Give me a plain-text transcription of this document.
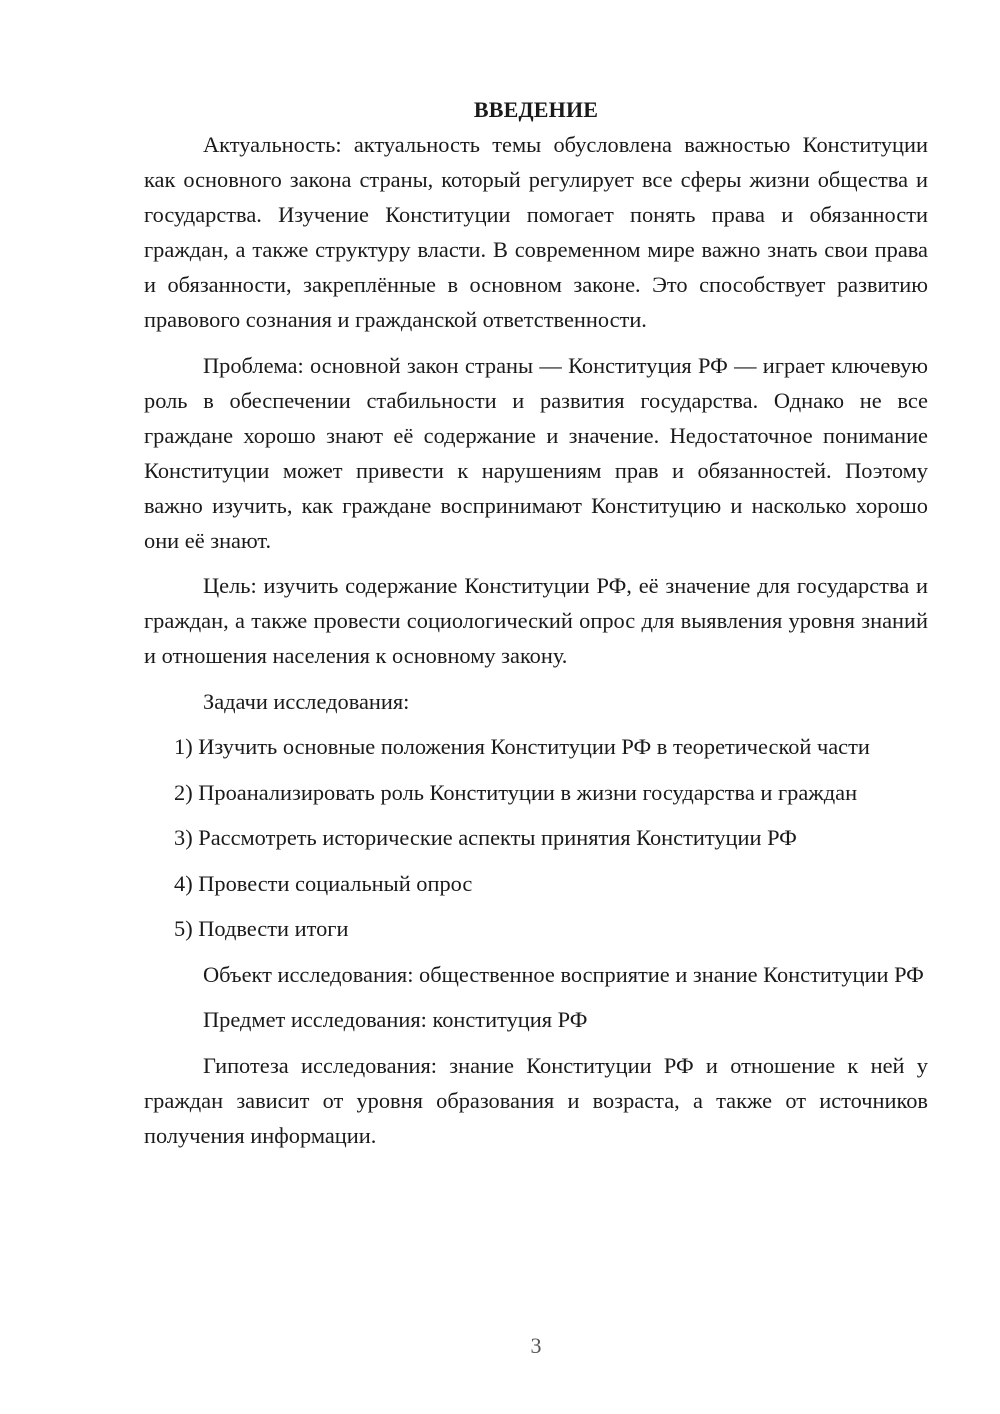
ВВЕДЕНИЕ

Актуальность: актуальность темы обусловлена важностью Конституции как основного закона страны, который регулирует все сферы жизни общества и государства. Изучение Конституции помогает понять права и обязанности граждан, а также структуру власти. В современном мире важно знать свои права и обязанности, закреплённые в основном законе. Это способствует развитию правового сознания и гражданской ответственности.

Проблема: основной закон страны — Конституция РФ — играет ключевую роль в обеспечении стабильности и развития государства. Однако не все граждане хорошо знают её содержание и значение. Недостаточное понимание Конституции может привести к нарушениям прав и обязанностей. Поэтому важно изучить, как граждане воспринимают Конституцию и насколько хорошо они её знают.

Цель: изучить содержание Конституции РФ, её значение для государства и граждан, а также провести социологический опрос для выявления уровня знаний и отношения населения к основному закону.

Задачи исследования:

1) Изучить основные положения Конституции РФ в теоретической части

2) Проанализировать роль Конституции в жизни государства и граждан

3) Рассмотреть исторические аспекты принятия Конституции РФ

4) Провести социальный опрос

5) Подвести итоги

Объект исследования: общественное восприятие и знание Конституции РФ

Предмет исследования: конституция РФ

Гипотеза исследования: знание Конституции РФ и отношение к ней у граждан зависит от уровня образования и возраста, а также от источников получения информации.

3
